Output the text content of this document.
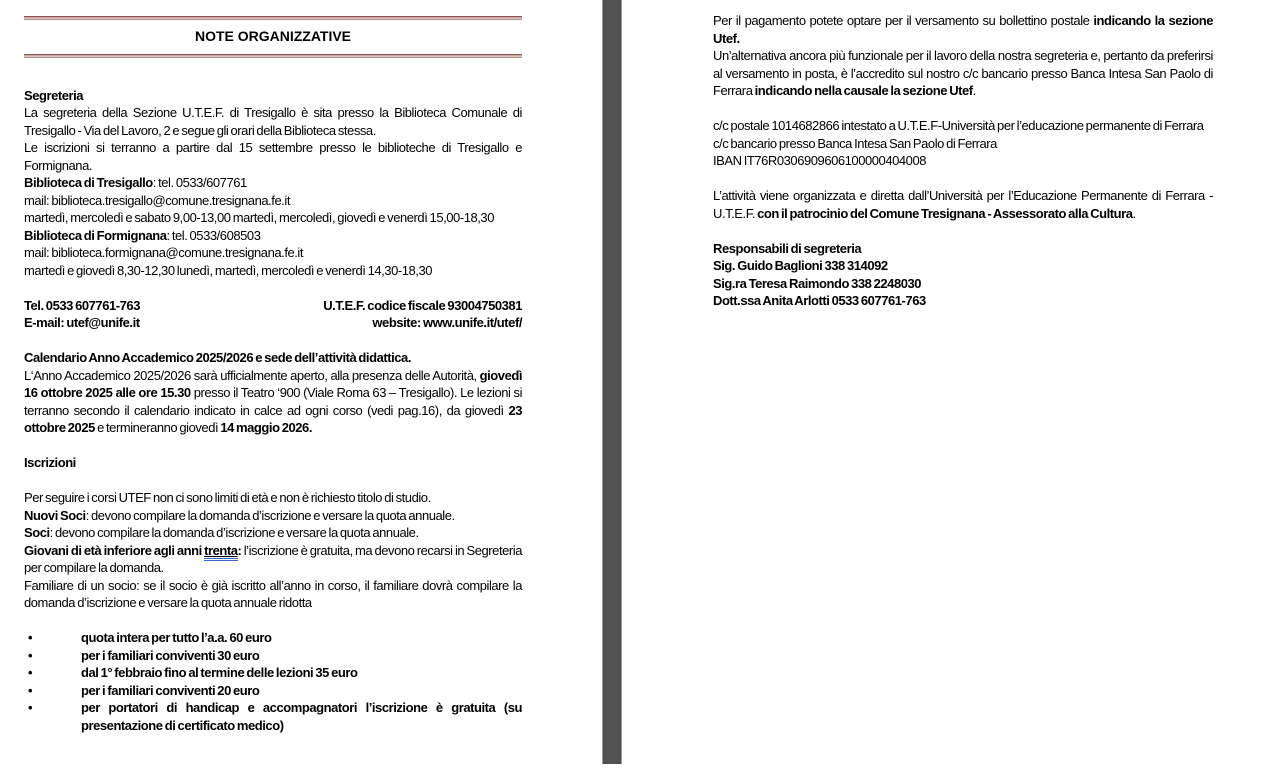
NOTE ORGANIZZATIVE

Segreteria

La segreteria della Sezione U.T.E.F. di Tresigallo è sita presso la Biblioteca Comunale di Tresigallo - Via del Lavoro, 2 e segue gli orari della Biblioteca stessa.

Le iscrizioni si terranno a partire dal 15 settembre presso le biblioteche di Tresigallo e Formignana.

Biblioteca di Tresigallo: tel. 0533/607761

mail: biblioteca.tresigallo@comune.tresignana.fe.it

martedì, mercoledì e sabato 9,00-13,00 martedì, mercoledì, giovedì e venerdì 15,00-18,30

Biblioteca di Formignana: tel. 0533/608503

mail: biblioteca.formignana@comune.tresignana.fe.it

martedì e giovedì 8,30-12,30 lunedì, martedì, mercoledì e venerdì 14,30-18,30

Tel. 0533 607761-763	U.T.E.F. codice fiscale 93004750381
E-mail: utef@unife.it	website: www.unife.it/utef/

Calendario Anno Accademico 2025/2026 e sede dell’attività didattica.

L‘Anno Accademico 2025/2026 sarà ufficialmente aperto, alla presenza delle Autorità, giovedì 16 ottobre 2025 alle ore 15.30 presso il Teatro ‘900 (Viale Roma 63 – Tresigallo). Le lezioni si terranno secondo il calendario indicato in calce ad ogni corso (vedi pag.16), da giovedì 23 ottobre 2025 e termineranno giovedì 14 maggio 2026.

Iscrizioni

Per seguire i corsi UTEF non ci sono limiti di età e non è richiesto titolo di studio.

Nuovi Soci: devono compilare la domanda d’iscrizione e versare la quota annuale.

Soci: devono compilare la domanda d’iscrizione e versare la quota annuale.

Giovani di età inferiore agli anni trenta: l’iscrizione è gratuita, ma devono recarsi in Segreteria per compilare la domanda.

Familiare di un socio: se il socio è già iscritto all’anno in corso, il familiare dovrà compilare la domanda d’iscrizione e versare la quota annuale ridotta

•	quota intera per tutto l’a.a. 60 euro
•	per i familiari conviventi 30 euro
•	dal 1° febbraio fino al termine delle lezioni 35 euro
•	per i familiari conviventi 20 euro
•	per portatori di handicap e accompagnatori l’iscrizione è gratuita (su presentazione di certificato medico)

Per il pagamento potete optare per il versamento su bollettino postale indicando la sezione Utef.

Un’alternativa ancora più funzionale per il lavoro della nostra segreteria e, pertanto da preferirsi al versamento in posta, è l’accredito sul nostro c/c bancario presso Banca Intesa San Paolo di Ferrara indicando nella causale la sezione Utef.

c/c postale 1014682866 intestato a U.T.E.F-Università per l’educazione permanente di Ferrara

c/c bancario presso Banca Intesa San Paolo di Ferrara

IBAN IT76R0306909606100000404008

L’attività viene organizzata e diretta dall’Università per l’Educazione Permanente di Ferrara - U.T.E.F. con il patrocinio del Comune Tresignana - Assessorato alla Cultura.

Responsabili di segreteria

Sig. Guido Baglioni 338 314092

Sig.ra Teresa Raimondo 338 2248030

Dott.ssa Anita Arlotti 0533 607761-763
